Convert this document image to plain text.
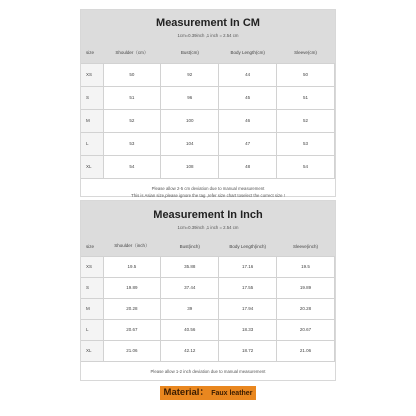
Measurement In CM
1cm=0.39inch ,1 inch = 2.54 cm
size	Shoulder（cm）	Bust(cm)	Body Length(cm)	Sleeve(cm)
XS	50	92	44	50
S	51	96	45	51
M	52	100	46	52
L	53	104	47	53
XL	54	108	48	54
Please allow 2-5 cm deviation due to manual measurement
This is Asian size,please ignore the tag ,refer size chart toselect the correct size !
Measurement In Inch
1cm=0.39inch ,1 inch = 2.54 cm
size	Shoulder（inch）	Bust(inch)	Body Length(inch)	Sleeve(inch)
XS	19.5	35.88	17.16	19.5
S	19.89	37.44	17.55	19.89
M	20.28	39	17.94	20.28
L	20.67	40.56	18.33	20.67
XL	21.06	42.12	18.72	21.06
Please allow 1-2 inch deviation due to manual measurement
Material： Faux leather
